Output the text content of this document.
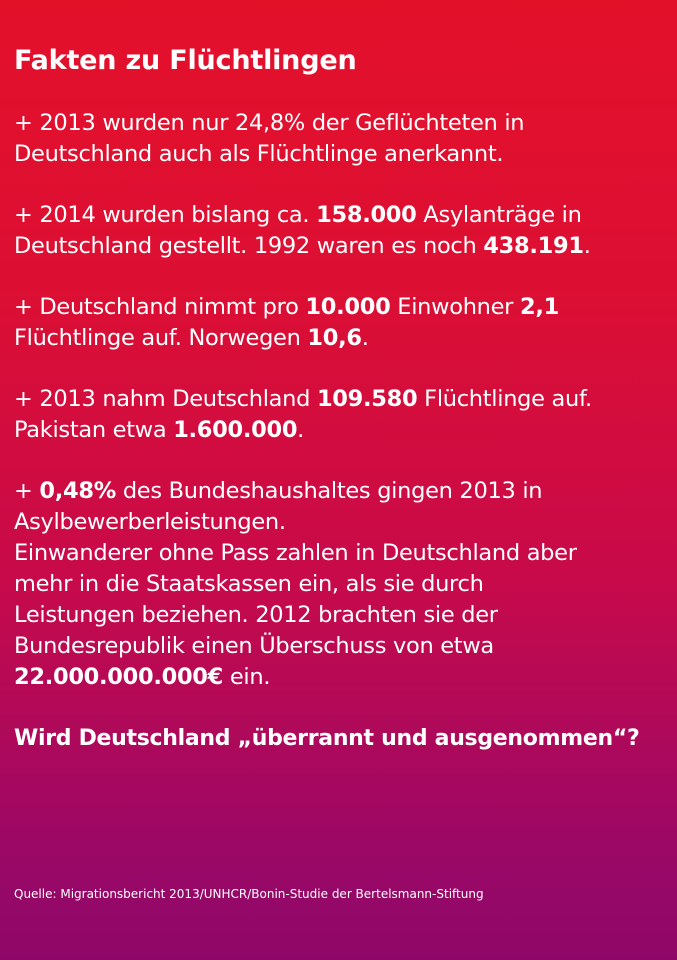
Fakten zu Flüchtlingen
+ 2013 wurden nur 24,8% der Geflüchteten in
Deutschland auch als Flüchtlinge anerkannt.
+ 2014 wurden bislang ca. 158.000 Asylanträge in
Deutschland gestellt. 1992 waren es noch 438.191.
+ Deutschland nimmt pro 10.000 Einwohner 2,1
Flüchtlinge auf. Norwegen 10,6.
+ 2013 nahm Deutschland 109.580 Flüchtlinge auf.
Pakistan etwa 1.600.000.
+ 0,48% des Bundeshaushaltes gingen 2013 in
Asylbewerberleistungen.
Einwanderer ohne Pass zahlen in Deutschland aber
mehr in die Staatskassen ein, als sie durch
Leistungen beziehen. 2012 brachten sie der
Bundesrepublik einen Überschuss von etwa
22.000.000.000€ ein.
Wird Deutschland „überrannt und ausgenommen“?
Quelle: Migrationsbericht 2013/UNHCR/Bonin-Studie der Bertelsmann-Stiftung
